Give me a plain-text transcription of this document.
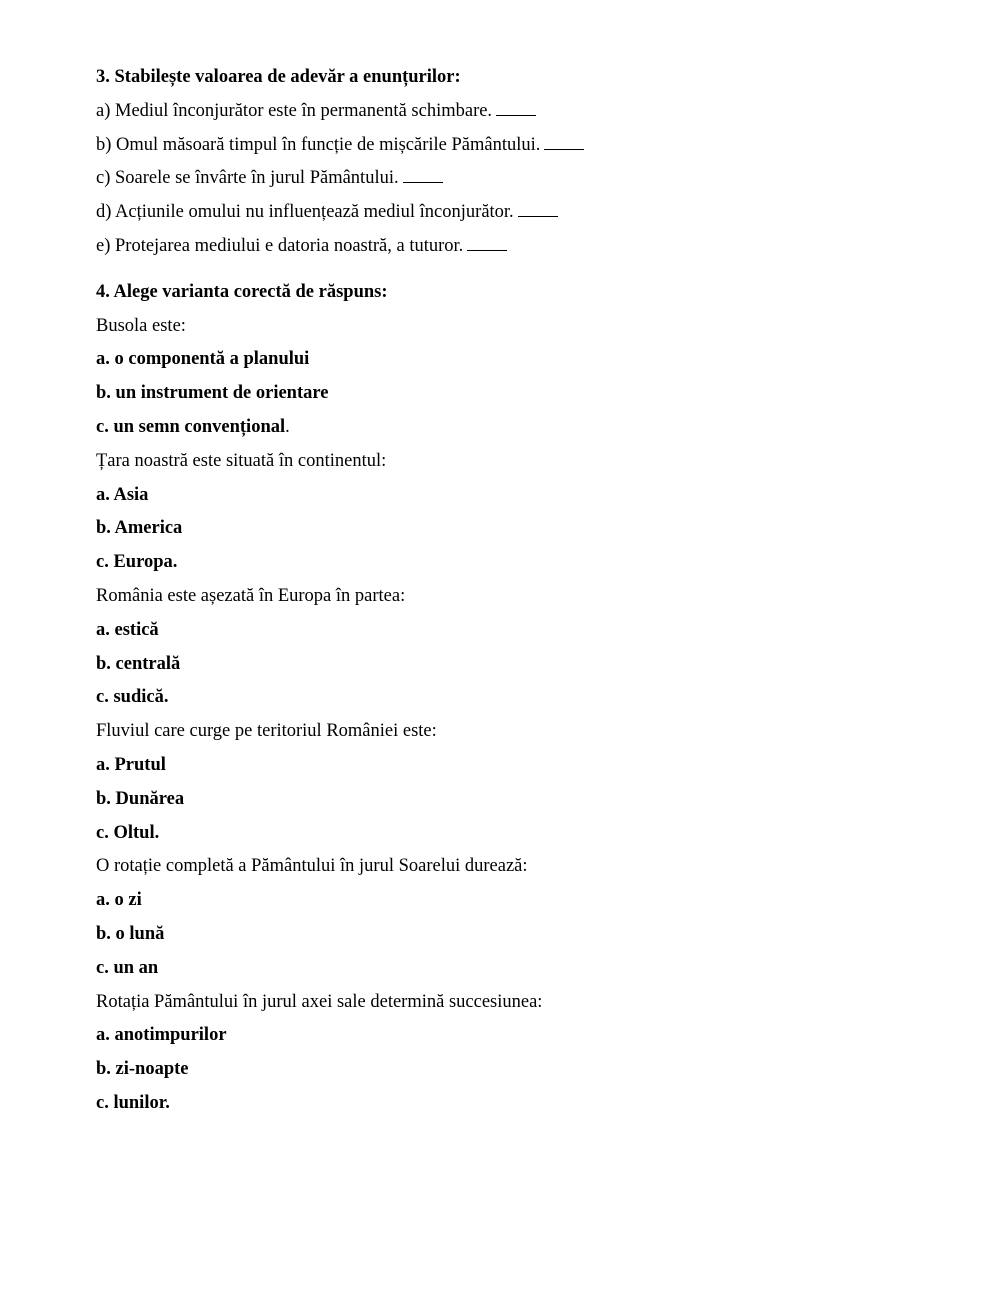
3. Stabilește valoarea de adevăr a enunțurilor:
a) Mediul înconjurător este în permanentă schimbare.
b) Omul măsoară timpul în funcție de mișcările Pământului.
c) Soarele se învârte în jurul Pământului.
d) Acțiunile omului nu influențează mediul înconjurător.
e) Protejarea mediului e datoria noastră, a tuturor.
4. Alege varianta corectă de răspuns:
Busola este:
a. o componentă a planului
b. un instrument de orientare
c. un semn convențional.
Țara noastră este situată în continentul:
a. Asia
b. America
c. Europa.
România este așezată în Europa în partea:
a. estică
b. centrală
c. sudică.
Fluviul care curge pe teritoriul României este:
a. Prutul
b. Dunărea
c. Oltul.
O rotație completă a Pământului în jurul Soarelui durează:
a. o zi
b. o lună
c. un an
Rotația Pământului în jurul axei sale determină succesiunea:
a. anotimpurilor
b. zi-noapte
c. lunilor.
